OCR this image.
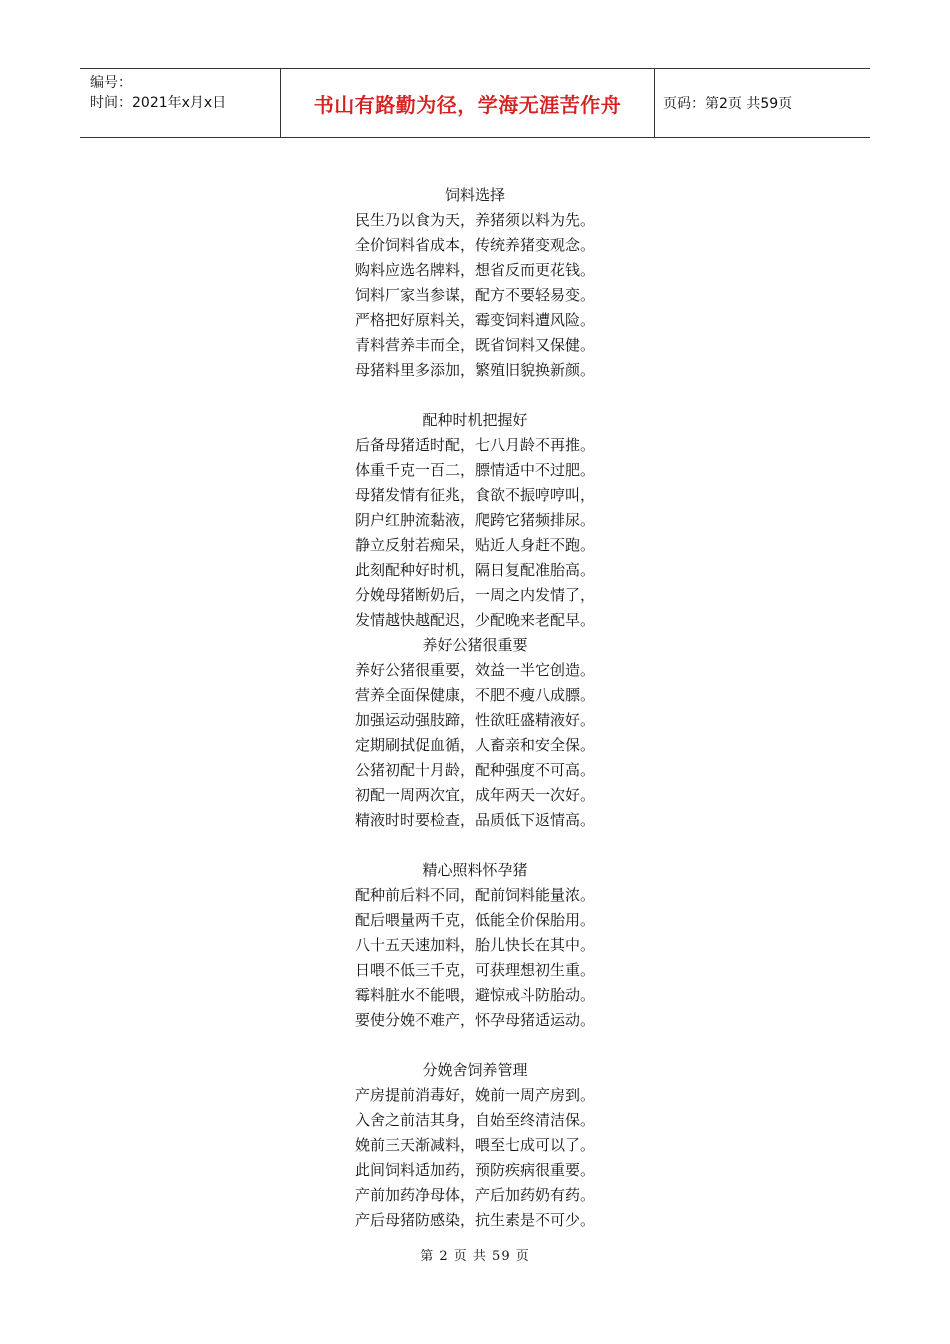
编号：
时间：2021年x月x日	书山有路勤为径，学海无涯苦作舟	页码：第2页 共59页

饲料选择

民生乃以食为天，养猪须以料为先。

全价饲料省成本，传统养猪变观念。

购料应选名牌料，想省反而更花钱。

饲料厂家当参谋，配方不要轻易变。

严格把好原料关，霉变饲料遭风险。

青料营养丰而全，既省饲料又保健。

母猪料里多添加，繁殖旧貌换新颜。

配种时机把握好

后备母猪适时配，七八月龄不再推。

体重千克一百二，膘情适中不过肥。

母猪发情有征兆，食欲不振哼哼叫，

阴户红肿流黏液，爬跨它猪频排尿。

静立反射若痴呆，贴近人身赶不跑。

此刻配种好时机，隔日复配准胎高。

分娩母猪断奶后，一周之内发情了，

发情越快越配迟，少配晚来老配早。

养好公猪很重要

养好公猪很重要，效益一半它创造。

营养全面保健康，不肥不瘦八成膘。

加强运动强肢蹄，性欲旺盛精液好。

定期刷拭促血循，人畜亲和安全保。

公猪初配十月龄，配种强度不可高。

初配一周两次宜，成年两天一次好。

精液时时要检查，品质低下返情高。

精心照料怀孕猪

配种前后料不同，配前饲料能量浓。

配后喂量两千克，低能全价保胎用。

八十五天速加料，胎儿快长在其中。

日喂不低三千克，可获理想初生重。

霉料脏水不能喂，避惊戒斗防胎动。

要使分娩不难产，怀孕母猪适运动。

分娩舍饲养管理

产房提前消毒好，娩前一周产房到。

入舍之前洁其身，自始至终清洁保。

娩前三天渐减料，喂至七成可以了。

此间饲料适加药，预防疾病很重要。

产前加药净母体，产后加药奶有药。

产后母猪防感染，抗生素是不可少。

第 2 页 共 59 页
